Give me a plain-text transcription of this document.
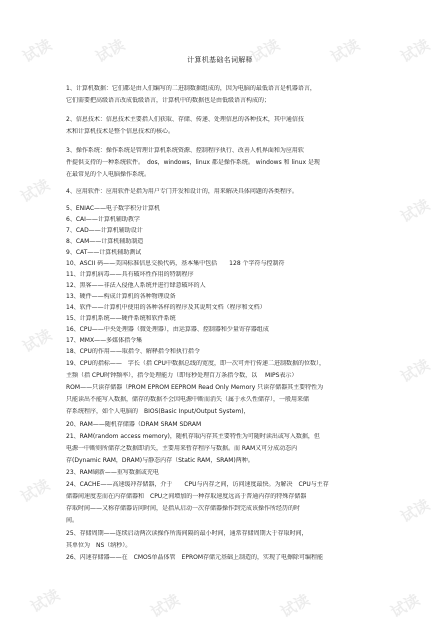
试读	试读	试读	试读 试读
试读
试读
试读
试读
试读
试读
试读	试读	试读	试读
计算机基础名词解释
1、计算机数据：它们都是由人们编写的二进制数据组成的，因为电脑的最低语言是机器语言，
它们需要把高级语言改成低级语言，计算机中的数据也是由低级语言构成的；
2、信息技术：信息技术主要指人们获取、存储、传递、处理信息的各种技术，其中通信技
术和计算机技术是整个信息技术的核心。
3、操作系统：操作系统是管理计算机系统资源、控制程序执行、改善人机界面和为应用软
件提供支持的一种系统软件。　dos，windows，linux 都是操作系统。 windows 和 linux 是现
在最常见的个人电脑操作系统。
4、应用软件：应用软件是指为用户专门开发和设计的，用来解决具体问题的各类程序。
5、ENIAC——电子数字积分计算机
6、CAI——计算机辅助教学
7、CAD——计算机辅助设计
8、CAM——计算机辅助制造
9、CAT——计算机辅助测试
10、ASCII 码——美国标准信息交换代码，基本集中包括　　128 个字符与控制符
11、计算机病毒——具有破坏性作用的特制程序
12、黑客——非法入侵他人系统并进行肆意破坏的人
13、硬件——构成计算机的各种物理设备
14、软件——计算机中使用的各种各样的程序及其说明文档（程序和文档）
15、计算机系统——硬件系统和软件系统
16、CPU——中央处理器（微处理器），由运算器、控制器和少量寄存器组成
17、MMX——多媒体指令集
18、CPU的作用——取指令、解释指令和执行指令
19、CPU的指标——　字长（指 CPU中数据总线的宽度，即一次可并行传递二进制数据的位数），
主频（指 CPU时钟频率），指令处理能力（即每秒处理百万条指令数，以　 MIPS表示）
ROM——只读存储器（PROM EPROM EEPROM Read Only Memory 只读存储器其主要特性为
只能读出不能写入数据，储存的数据不会因电源中断而消失（属于永久性储存），一般用来储
存系统程序，如个人电脑的　BIOS(Basic Input/Output System)，
20、RAM——随机存储器（DRAM SRAM SDRAM
21、RAM(random access memory)，随机存取内存其主要特性为可随时读出或写入数据，但
电源一中断则所储存之数据即消失，主要用来暂存程序与数据。而 RAM又可分成动态内
存(Dynamic RAM，DRAM)与静态内存（Static RAM，SRAM)两种。
23、RAM刷新——重写数据或充电
24、CACHE——高速缓冲存储器，介于　　CPU与内存之间，访问速度最快。为解决　CPU与主存
储器间速度差而在内存储器和　CPU之间增加的一种存取速度远高于普通内存的特殊存储器
存取时间——又称存储器访问时间，是指从启动一次存储器操作到完成该操作所经历的时
间。
25、存储周期——连续启动两次读操作所需间隔的最小时间，通常存储周期大于存取时间，
其单位为　NS（纳秒）。
26、闪速存储器——在　CMOS单晶体管　EPROM存储元基础上制造的，实现了电擦除可编程能
